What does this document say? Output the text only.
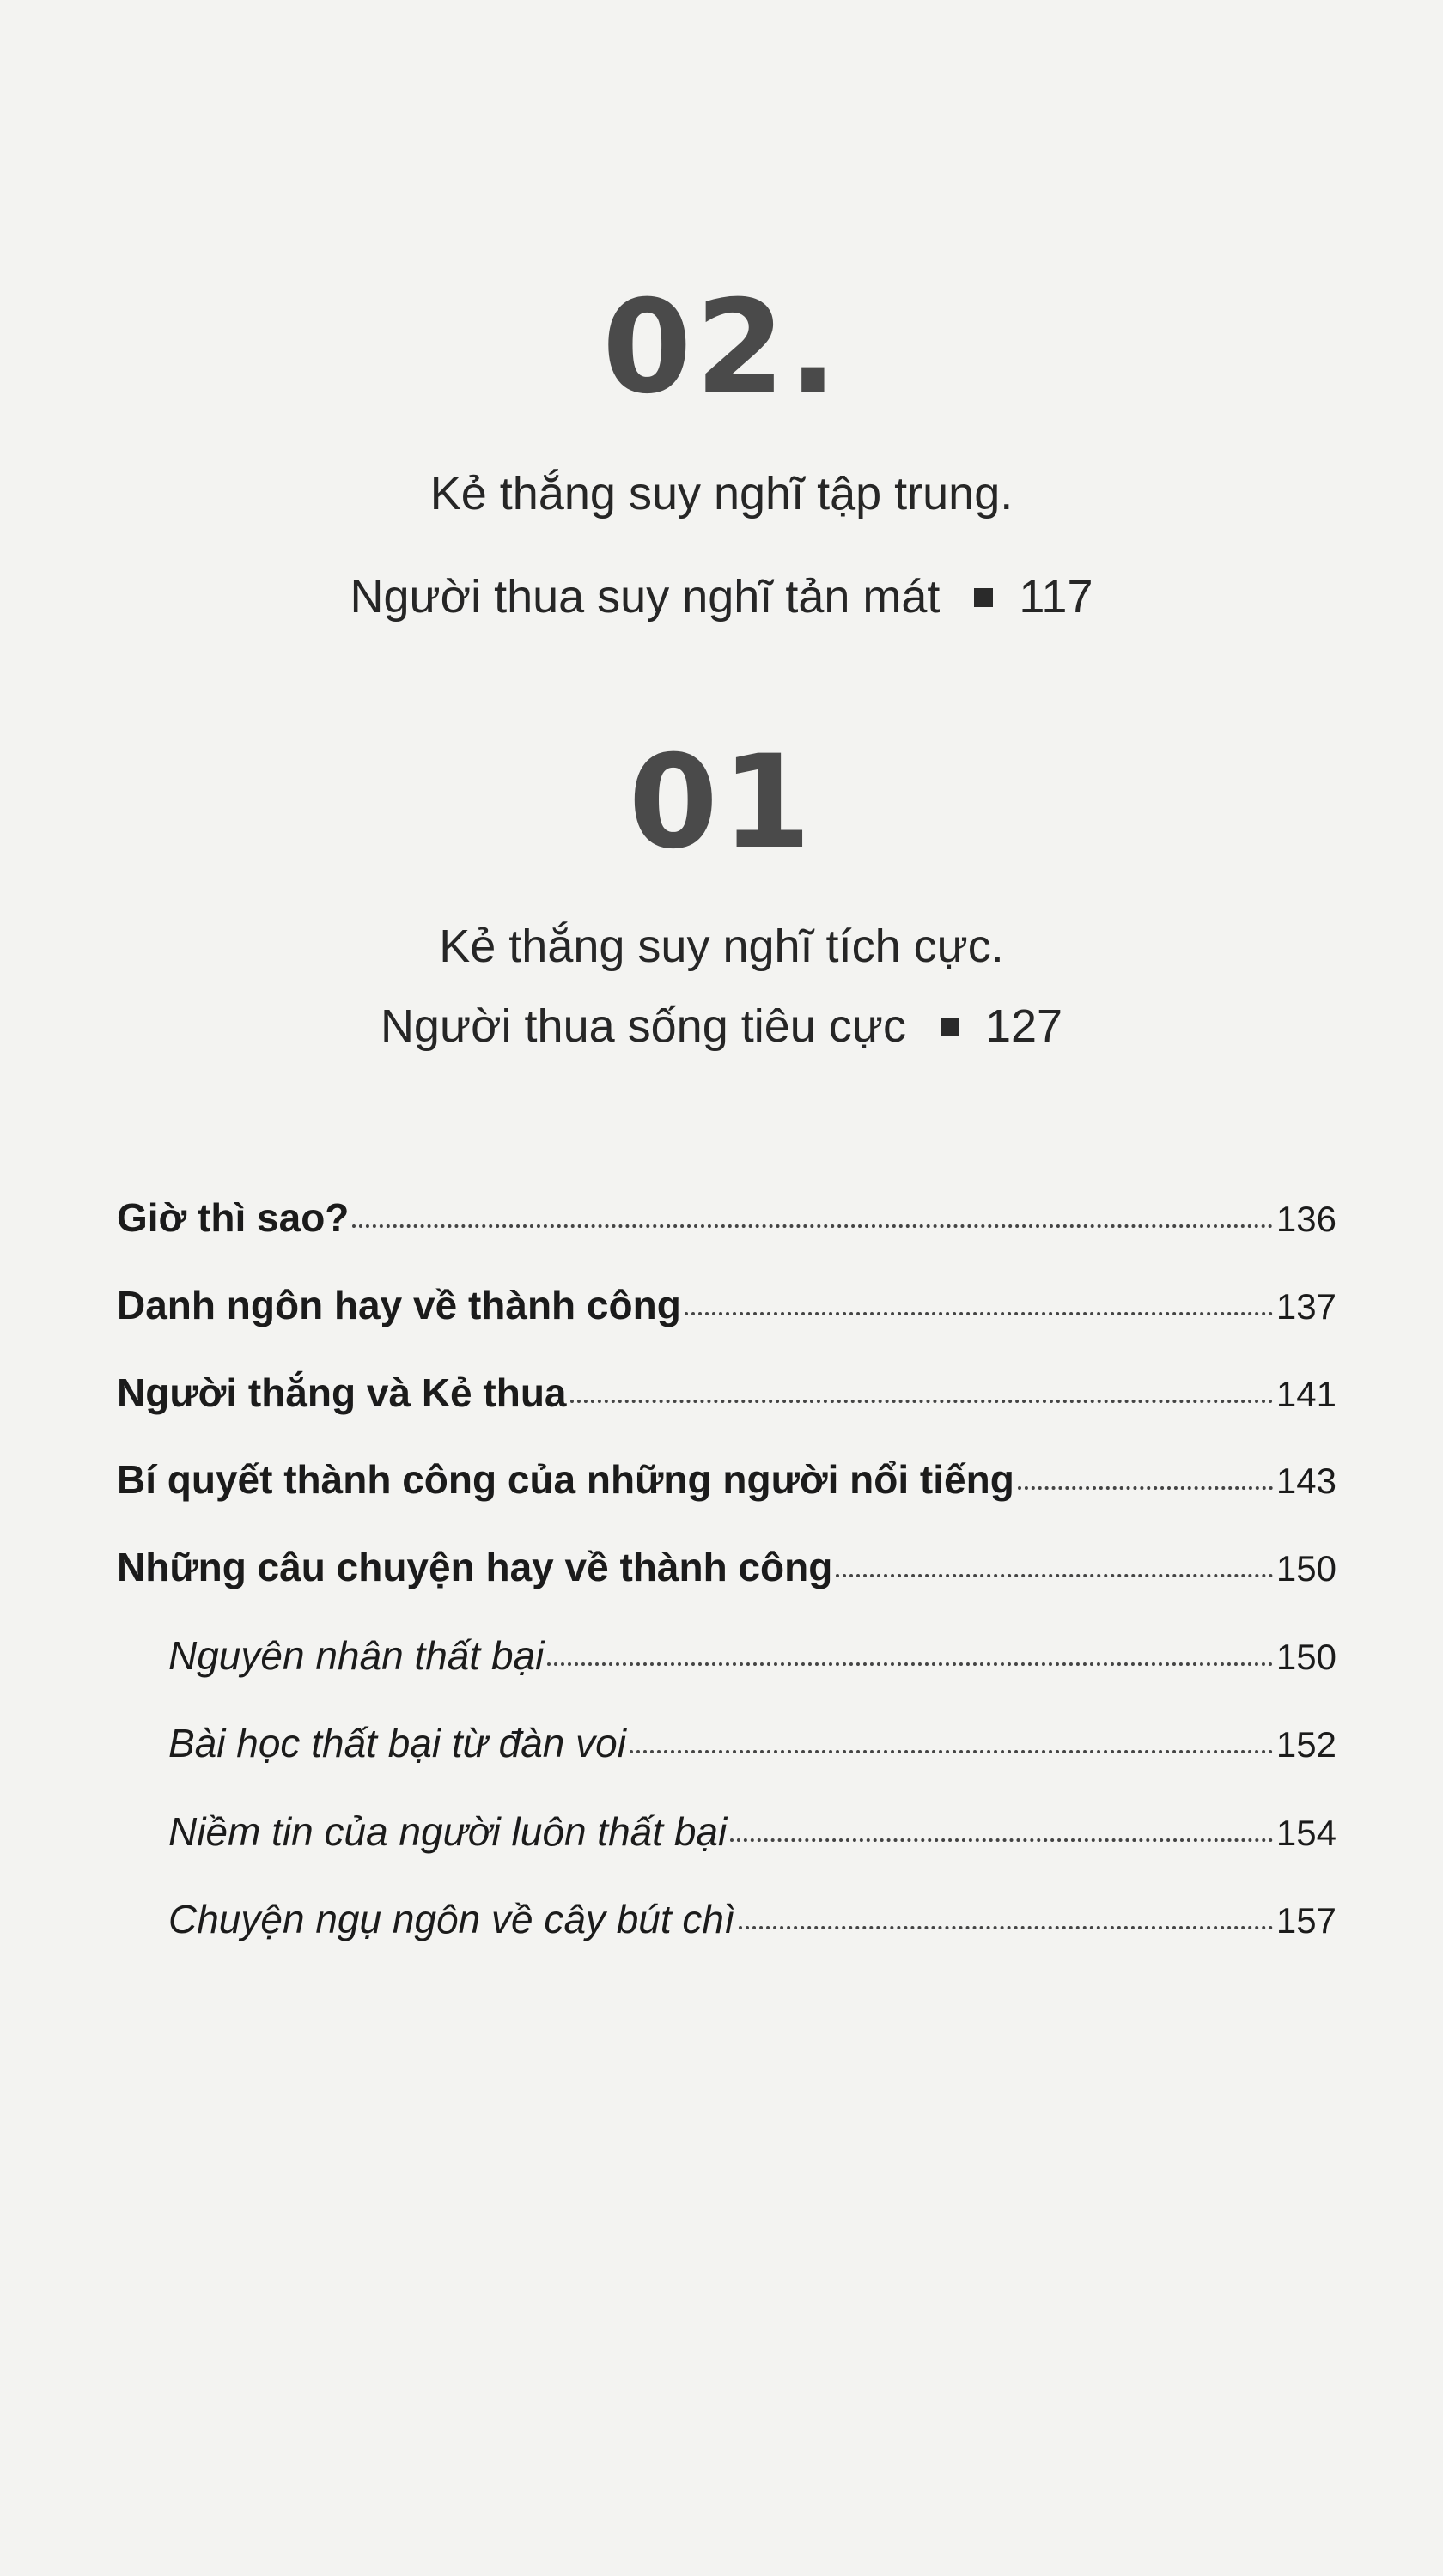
02.
Kẻ thắng suy nghĩ tập trung.
Người thua suy nghĩ tản mát 117
01
Kẻ thắng suy nghĩ tích cực.
Người thua sống tiêu cực 127
Giờ thì sao?	136
Danh ngôn hay về thành công	137
Người thắng và Kẻ thua	141
Bí quyết thành công của những người nổi tiếng	143
Những câu chuyện hay về thành công	150
Nguyên nhân thất bại	150
Bài học thất bại từ đàn voi	152
Niềm tin của người luôn thất bại	154
Chuyện ngụ ngôn về cây bút chì	157
